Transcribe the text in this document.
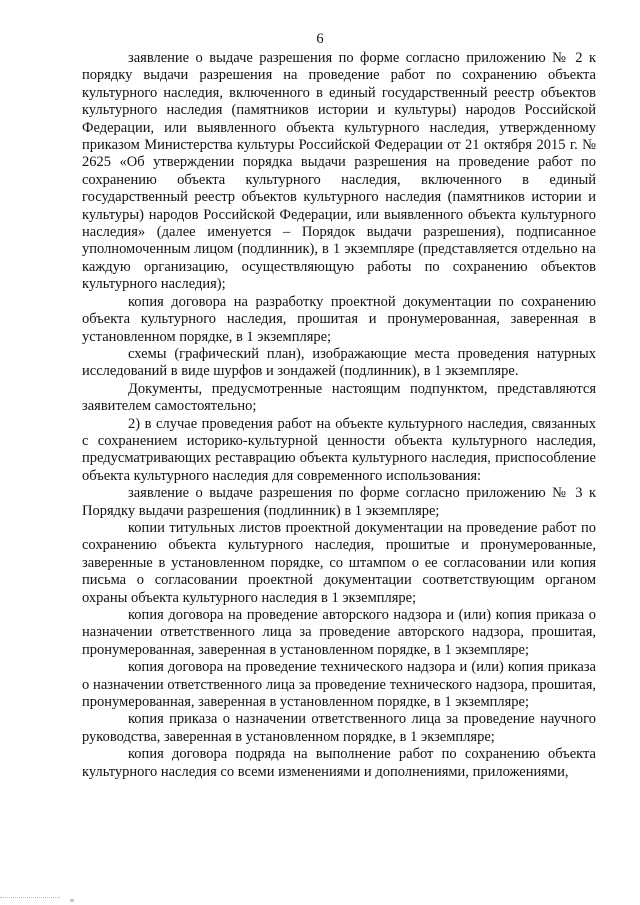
6

заявление о выдаче разрешения по форме согласно приложению № 2 к порядку выдачи разрешения на проведение работ по сохранению объекта культурного наследия, включенного в единый государственный реестр объектов культурного наследия (памятников истории и культуры) народов Российской Федерации, или выявленного объекта культурного наследия, утвержденному приказом Министерства культуры Российской Федерации от 21 октября 2015 г. № 2625 «Об утверждении порядка выдачи разрешения на проведение работ по сохранению объекта культурного наследия, включенного в единый государственный реестр объектов культурного наследия (памятников истории и культуры) народов Российской Федерации, или выявленного объекта культурного наследия» (далее именуется – Порядок выдачи разрешения), подписанное уполномоченным лицом (подлинник), в 1 экземпляре (представляется отдельно на каждую организацию, осуществляющую работы по сохранению объектов культурного наследия);

копия договора на разработку проектной документации по сохранению объекта культурного наследия, прошитая и пронумерованная, заверенная в установленном порядке, в 1 экземпляре;

схемы (графический план), изображающие места проведения натурных исследований в виде шурфов и зондажей (подлинник), в 1 экземпляре.

Документы, предусмотренные настоящим подпунктом, представляются заявителем самостоятельно;

2) в случае проведения работ на объекте культурного наследия, связанных с сохранением историко-культурной ценности объекта культурного наследия, предусматривающих реставрацию объекта культурного наследия, приспособление объекта культурного наследия для современного использования:

заявление о выдаче разрешения по форме согласно приложению № 3 к Порядку выдачи разрешения (подлинник) в 1 экземпляре;

копии титульных листов проектной документации на проведение работ по сохранению объекта культурного наследия, прошитые и пронумерованные, заверенные в установленном порядке, со штампом о ее согласовании или копия письма о согласовании проектной документации соответствующим органом охраны объекта культурного наследия в 1 экземпляре;

копия договора на проведение авторского надзора и (или) копия приказа о назначении ответственного лица за проведение авторского надзора, прошитая, пронумерованная, заверенная в установленном порядке, в 1 экземпляре;

копия договора на проведение технического надзора и (или) копия приказа о назначении ответственного лица за проведение технического надзора, прошитая, пронумерованная, заверенная в установленном порядке, в 1 экземпляре;

копия приказа о назначении ответственного лица за проведение научного руководства, заверенная в установленном порядке, в 1 экземпляре;

копия договора подряда на выполнение работ по сохранению объекта культурного наследия со всеми изменениями и дополнениями, приложениями,
